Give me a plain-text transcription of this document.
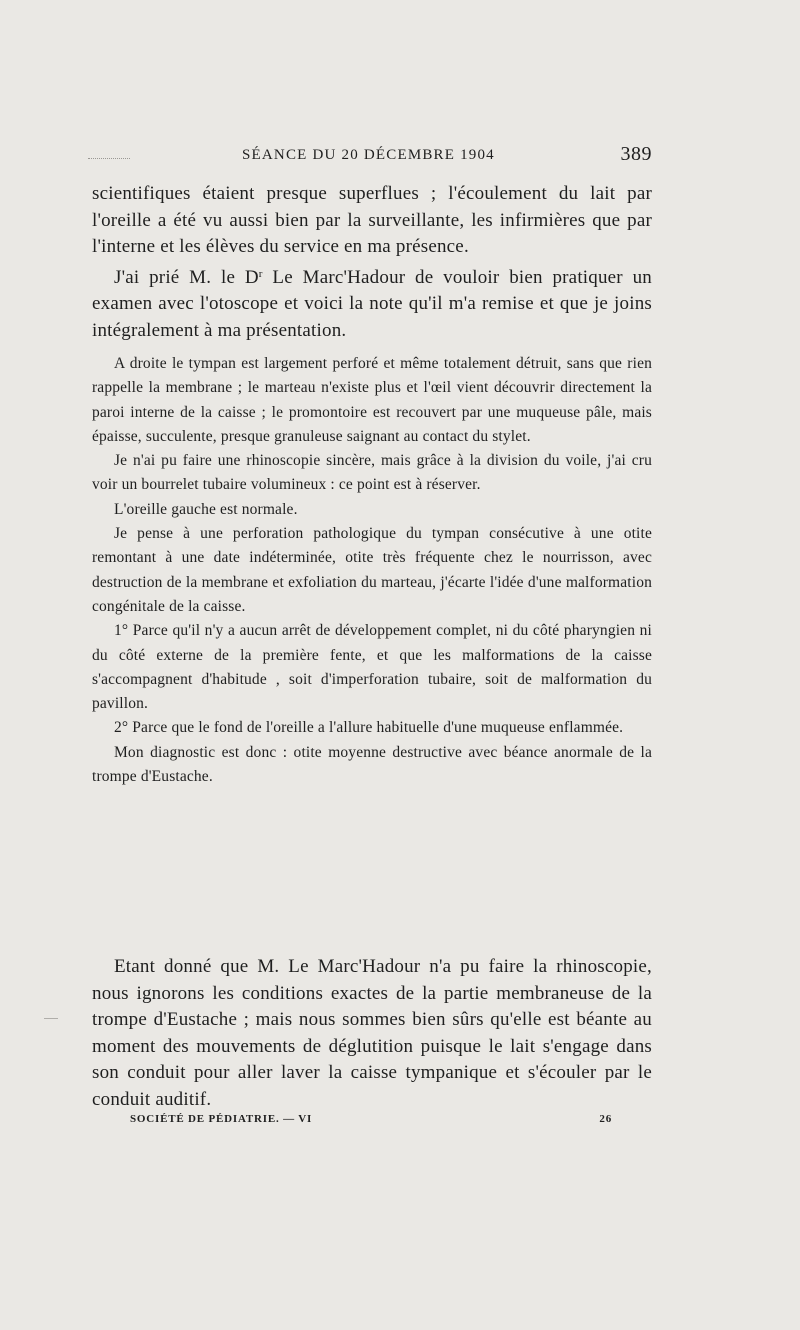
SÉANCE DU 20 DÉCEMBRE 1904	389

scientifiques étaient presque superflues ; l'écoulement du lait par l'oreille a été vu aussi bien par la surveillante, les infirmières que par l'interne et les élèves du service en ma présence.

J'ai prié M. le $D^r$ Le Marc'Hadour de vouloir bien pratiquer un examen avec l'otoscope et voici la note qu'il m'a remise et que je joins intégralement à ma présentation.

A droite le tympan est largement perforé et même totalement détruit, sans que rien rappelle la membrane ; le marteau n'existe plus et l'œil vient découvrir directement la paroi interne de la caisse ; le promontoire est recouvert par une muqueuse pâle, mais épaisse, succulente, presque granuleuse saignant au contact du stylet.

Je n'ai pu faire une rhinoscopie sincère, mais grâce à la division du voile, j'ai cru voir un bourrelet tubaire volumineux : ce point est à réserver.

L'oreille gauche est normale.

Je pense à une perforation pathologique du tympan consécutive à une otite remontant à une date indéterminée, otite très fréquente chez le nourrisson, avec destruction de la membrane et exfoliation du marteau, j'écarte l'idée d'une malformation congénitale de la caisse.

1° Parce qu'il n'y a aucun arrêt de développement complet, ni du côté pharyngien ni du côté externe de la première fente, et que les malformations de la caisse s'accompagnent d'habitude , soit d'imperforation tubaire, soit de malformation du pavillon.

2° Parce que le fond de l'oreille a l'allure habituelle d'une muqueuse enflammée.

Mon diagnostic est donc : otite moyenne destructive avec béance anormale de la trompe d'Eustache.

Etant donné que M. Le Marc'Hadour n'a pu faire la rhinoscopie, nous ignorons les conditions exactes de la partie membraneuse de la trompe d'Eustache ; mais nous sommes bien sûrs qu'elle est béante au moment des mouvements de déglutition puisque le lait s'engage dans son conduit pour aller laver la caisse tympanique et s'écouler par le conduit auditif.

SOCIÉTÉ DE PÉDIATRIE. — VI	26
